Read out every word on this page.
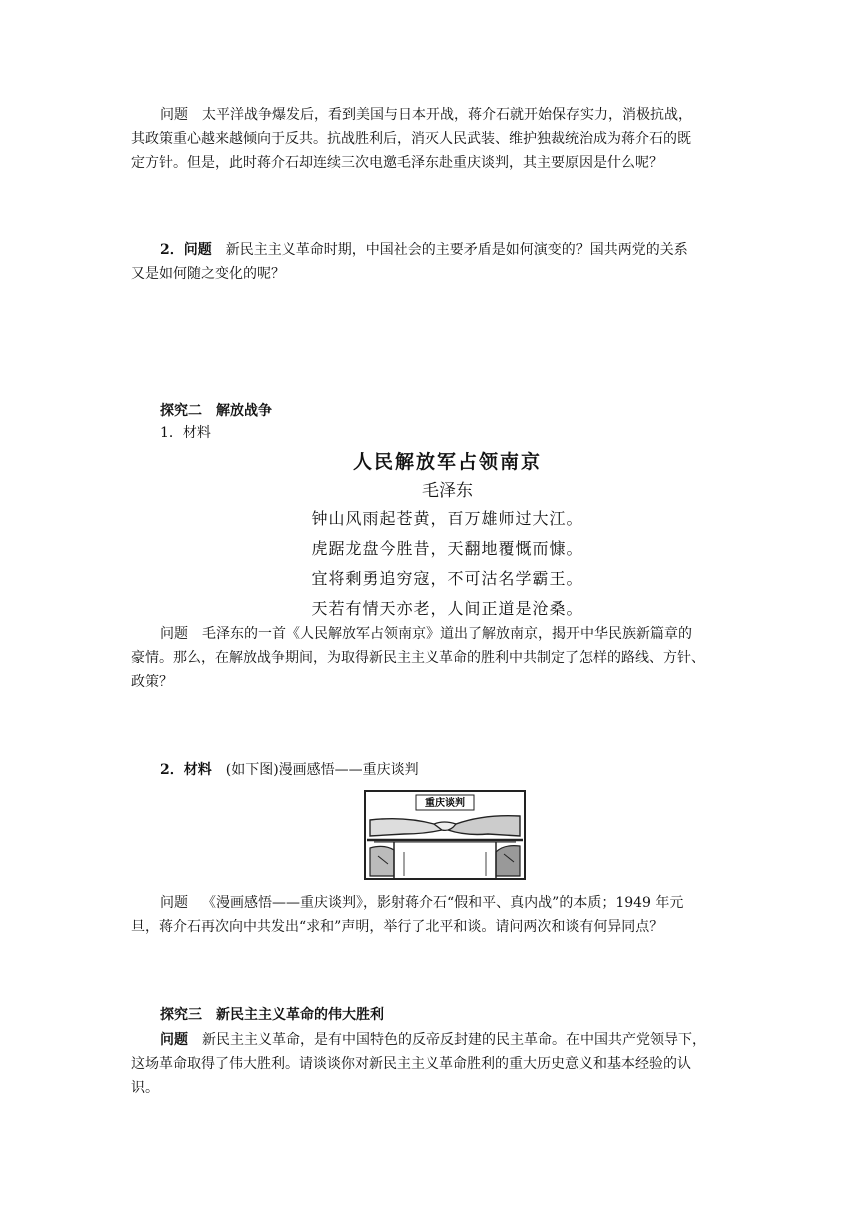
问题 太平洋战争爆发后，看到美国与日本开战，蒋介石就开始保存实力，消极抗战，
其政策重心越来越倾向于反共。抗战胜利后，消灭人民武装、维护独裁统治成为蒋介石的既
定方针。但是，此时蒋介石却连续三次电邀毛泽东赴重庆谈判，其主要原因是什么呢？
2．问题 新民主主义革命时期，中国社会的主要矛盾是如何演变的？国共两党的关系
又是如何随之变化的呢？
探究二　解放战争
1．材料
人民解放军占领南京
毛泽东
钟山风雨起苍黄，百万雄师过大江。
虎踞龙盘今胜昔，天翻地覆慨而慷。
宜将剩勇追穷寇，不可沽名学霸王。
天若有情天亦老，人间正道是沧桑。
问题 毛泽东的一首《人民解放军占领南京》道出了解放南京，揭开中华民族新篇章的
豪情。那么，在解放战争期间，为取得新民主主义革命的胜利中共制定了怎样的路线、方针、
政策？
2．材料 (如下图)漫画感悟——重庆谈判
重庆谈判
问题 《漫画感悟——重庆谈判》，影射蒋介石“假和平、真内战”的本质；1949 年元
旦，蒋介石再次向中共发出“求和”声明，举行了北平和谈。请问两次和谈有何异同点？
探究三　新民主主义革命的伟大胜利
问题 新民主主义革命，是有中国特色的反帝反封建的民主革命。在中国共产党领导下，
这场革命取得了伟大胜利。请谈谈你对新民主主义革命胜利的重大历史意义和基本经验的认
识。
